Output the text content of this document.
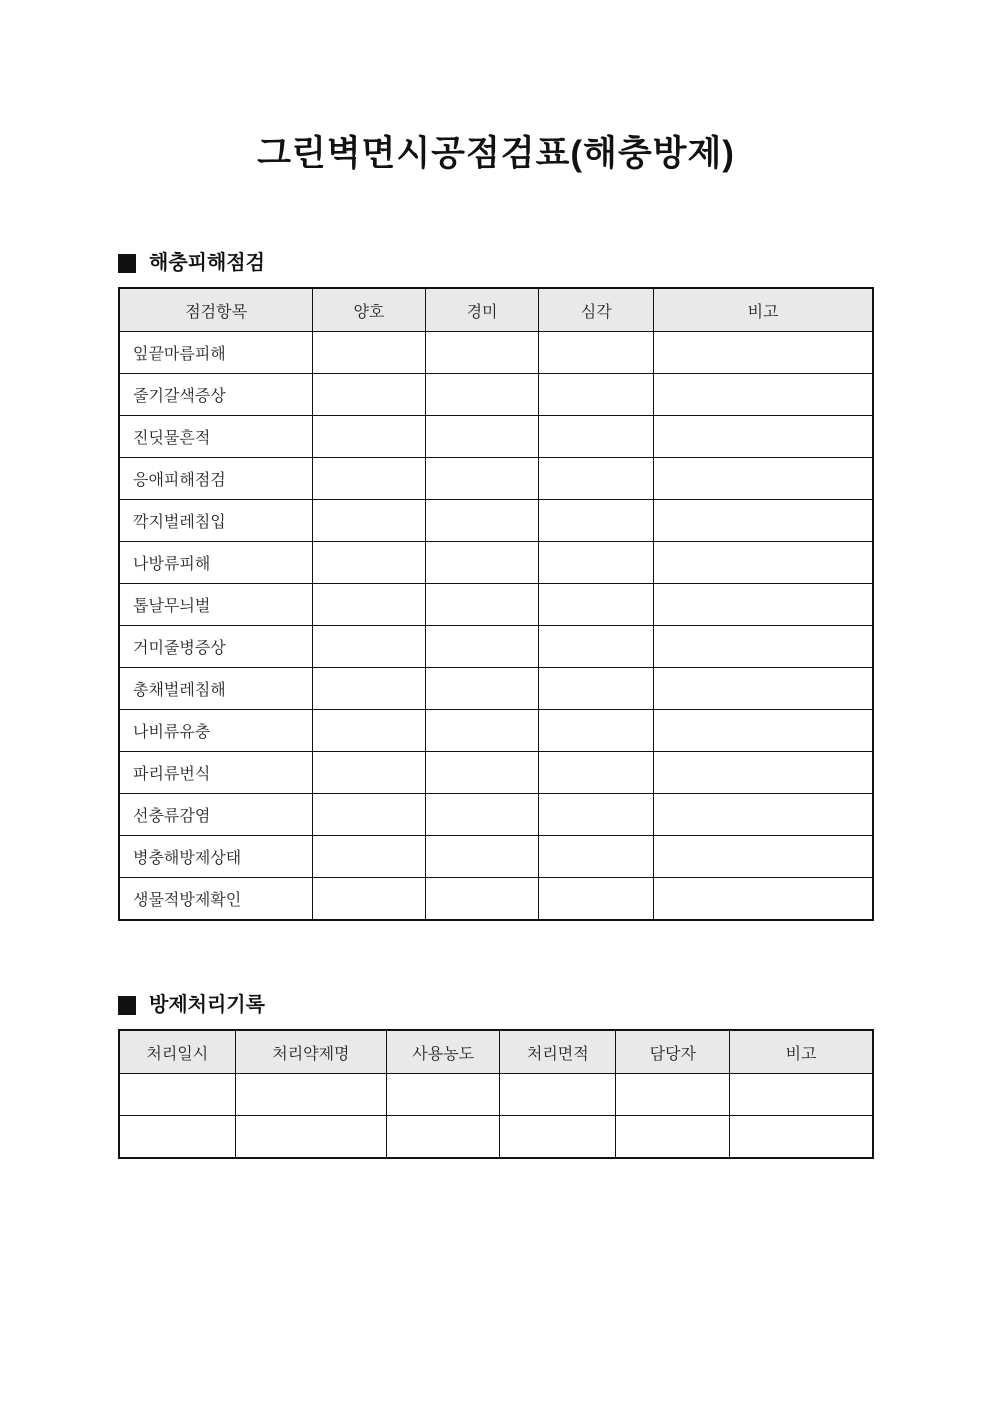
그린벽면시공점검표(해충방제)
해충피해점검
점검항목	양호	경미	심각	비고
잎끝마름피해				
줄기갈색증상				
진딧물흔적				
응애피해점검				
깍지벌레침입				
나방류피해				
톱날무늬벌				
거미줄병증상				
총채벌레침해				
나비류유충				
파리류번식				
선충류감염				
병충해방제상태				
생물적방제확인				
방제처리기록
처리일시	처리약제명	사용농도	처리면적	담당자	비고
